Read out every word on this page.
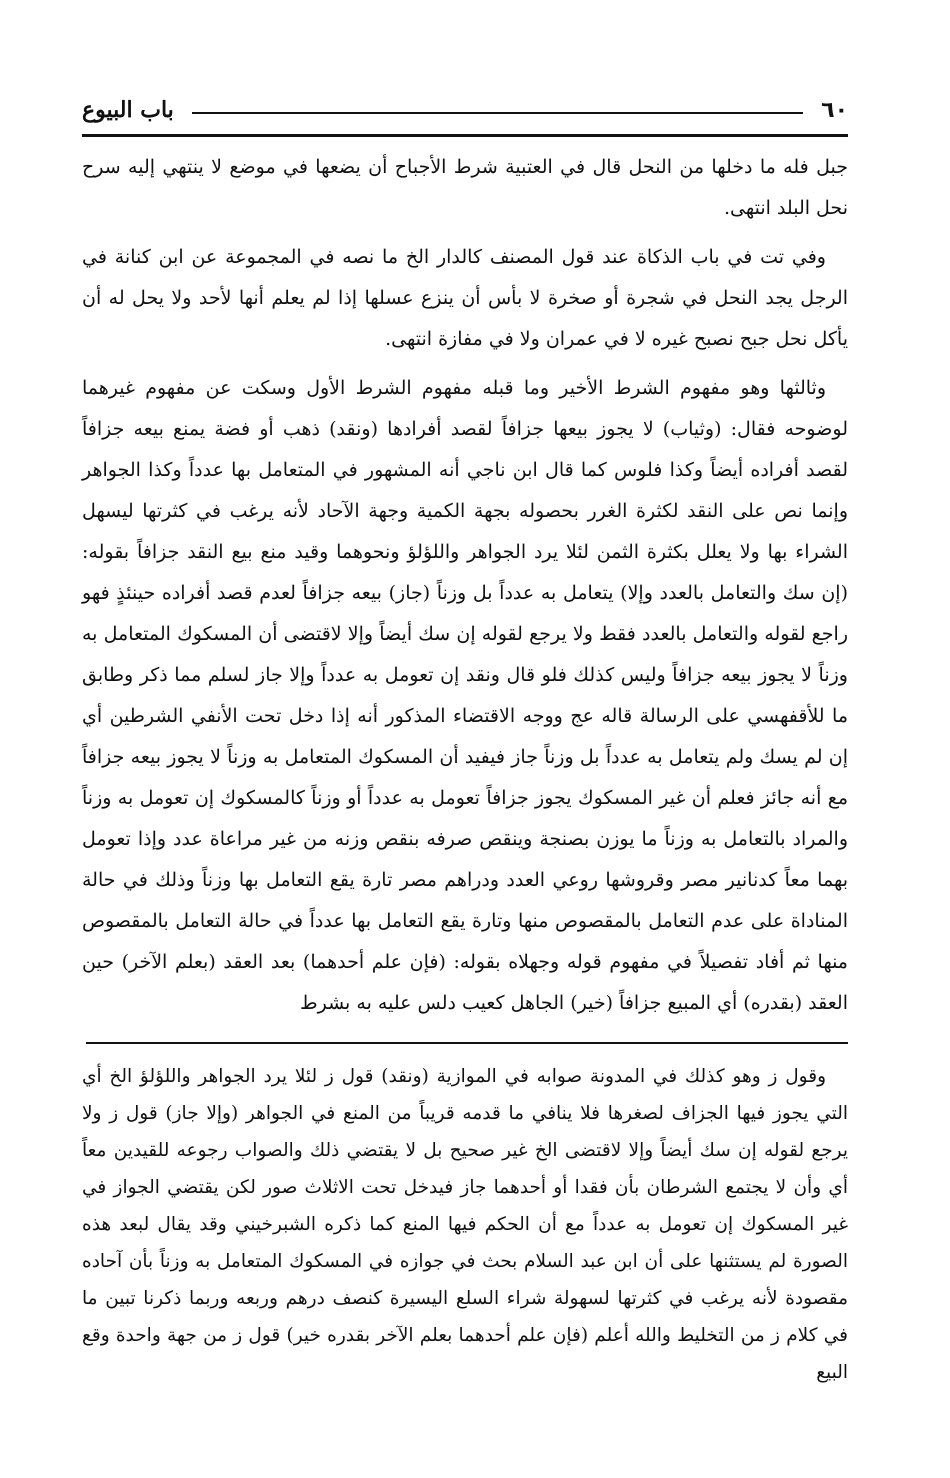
٦٠
باب البيوع

جبل فله ما دخلها من النحل قال في العتبية شرط الأجباح أن يضعها في موضع لا ينتهي إليه سرح نحل البلد انتهى.

وفي تت في باب الذكاة عند قول المصنف كالدار الخ ما نصه في المجموعة عن ابن كنانة في الرجل يجد النحل في شجرة أو صخرة لا بأس أن ينزع عسلها إذا لم يعلم أنها لأحد ولا يحل له أن يأكل نحل جبح نصبح غيره لا في عمران ولا في مفازة انتهى.

وثالثها وهو مفهوم الشرط الأخير وما قبله مفهوم الشرط الأول وسكت عن مفهوم غيرهما لوضوحه فقال: (وثياب) لا يجوز بيعها جزافاً لقصد أفرادها (ونقد) ذهب أو فضة يمنع بيعه جزافاً لقصد أفراده أيضاً وكذا فلوس كما قال ابن ناجي أنه المشهور في المتعامل بها عدداً وكذا الجواهر وإنما نص على النقد لكثرة الغرر بحصوله بجهة الكمية وجهة الآحاد لأنه يرغب في كثرتها ليسهل الشراء بها ولا يعلل بكثرة الثمن لئلا يرد الجواهر واللؤلؤ ونحوهما وقيد منع بيع النقد جزافاً بقوله: (إن سك والتعامل بالعدد وإلا) يتعامل به عدداً بل وزناً (جاز) بيعه جزافاً لعدم قصد أفراده حينئذٍ فهو راجع لقوله والتعامل بالعدد فقط ولا يرجع لقوله إن سك أيضاً وإلا لاقتضى أن المسكوك المتعامل به وزناً لا يجوز بيعه جزافاً وليس كذلك فلو قال ونقد إن تعومل به عدداً وإلا جاز لسلم مما ذكر وطابق ما للأقفهسي على الرسالة قاله عج ووجه الاقتضاء المذكور أنه إذا دخل تحت الأنفي الشرطين أي إن لم يسك ولم يتعامل به عدداً بل وزناً جاز فيفيد أن المسكوك المتعامل به وزناً لا يجوز بيعه جزافاً مع أنه جائز فعلم أن غير المسكوك يجوز جزافاً تعومل به عدداً أو وزناً كالمسكوك إن تعومل به وزناً والمراد بالتعامل به وزناً ما يوزن بصنجة وينقص صرفه بنقص وزنه من غير مراعاة عدد وإذا تعومل بهما معاً كدنانير مصر وقروشها روعي العدد ودراهم مصر تارة يقع التعامل بها وزناً وذلك في حالة المناداة على عدم التعامل بالمقصوص منها وتارة يقع التعامل بها عدداً في حالة التعامل بالمقصوص منها ثم أفاد تفصيلاً في مفهوم قوله وجهلاه بقوله: (فإن علم أحدهما) بعد العقد (بعلم الآخر) حين العقد (بقدره) أي المبيع جزافاً (خير) الجاهل كعيب دلس عليه به بشرط

وقول ز وهو كذلك في المدونة صوابه في الموازية (ونقد) قول ز لئلا يرد الجواهر واللؤلؤ الخ أي التي يجوز فيها الجزاف لصغرها فلا ينافي ما قدمه قريباً من المنع في الجواهر (وإلا جاز) قول ز ولا يرجع لقوله إن سك أيضاً وإلا لاقتضى الخ غير صحيح بل لا يقتضي ذلك والصواب رجوعه للقيدين معاً أي وأن لا يجتمع الشرطان بأن فقدا أو أحدهما جاز فيدخل تحت الاثلاث صور لكن يقتضي الجواز في غير المسكوك إن تعومل به عدداً مع أن الحكم فيها المنع كما ذكره الشبرخيني وقد يقال لبعد هذه الصورة لم يستثنها على أن ابن عبد السلام بحث في جوازه في المسكوك المتعامل به وزناً بأن آحاده مقصودة لأنه يرغب في كثرتها لسهولة شراء السلع اليسيرة كنصف درهم وربعه وربما ذكرنا تبين ما في كلام ز من التخليط والله أعلم (فإن علم أحدهما بعلم الآخر بقدره خير) قول ز من جهة واحدة وقع البيع
